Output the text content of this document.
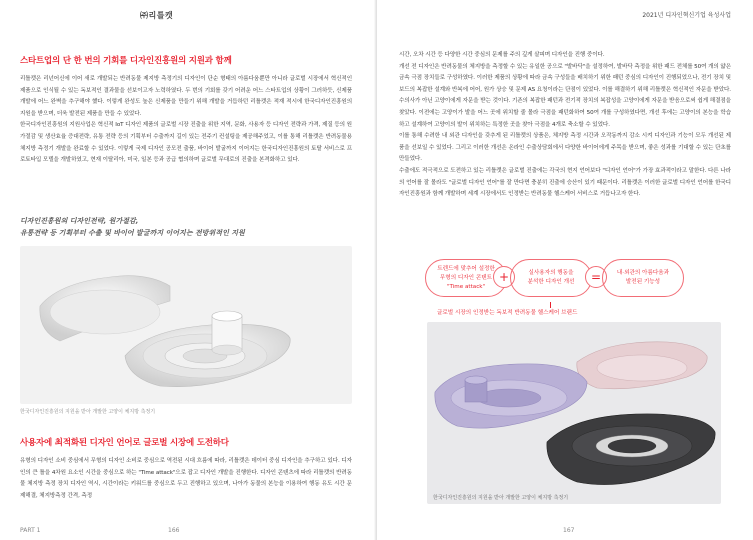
㈜리틀캣
스타트업의 단 한 번의 기회를 디자인진흥원의 지원과 함께

리틀캣은 리넌어신에 이어 새로 개발되는 반려동물 제지방 측정기의 디자인이 단순 형태의 아름다움뿐만 아니라 글로벌 시장에서 혁신적인 제품으로 인식될 수 있는 독보적인 결과물을 선보이고자 노력하였다. 두 번의 기회를 갖기 어려운 어느 스타트업의 상황이 그러하듯, 신제품 개발에 어느 완벽을 추구해야 했다. 이렇게 완성도 높은 신제품을 만들기 위해 개발을 거듭하던 리틀캣은 적재 적시에 한국디자인진흥원의 지원을 받으며, 더욱 발전된 제품을 만들 수 있었다.

한국디자인진흥원의 지원사업은 혁신적 IoT 디자인 제품의 글로벌 시장 진출을 위한 지역, 문화, 사용자 등 디자인 전략과 가격, 제질 등의 원가절감 및 생산효율 증대전략, 유통 전략 등의 기획부터 수출까지 길이 있는 전주기 컨설팅을 제공해주었고, 이를 통해 리틀캣은 반려동물용 체지방 측정기 개발을 완료할 수 있었다. 이렇게 국제 디자인 공모전 출품, 바이어 발굴까지 이어지는 한국디자인진흥원의 토탈 서비스로 프로토타입 모델을 개발하였고, 현재 이탈리아, 미국, 일본 등과 공급 협의하며 글로벌 무대로의 진출을 본격화하고 있다.

디자인진흥원의 디자인전략, 원가절감,
유통전략 등 기획부터 수출 및 바이어 발굴까지 이어지는 전방위적인 지원
한국디자인진흥원의 지원을 받아 개발한 고양이 체지방 측정기
사용자에 최적화된 디자인 언어로 글로벌 시장에 도전하다

유형의 디자인 소비 중심에서 무형의 디자인 소비로 중심으로 역전된 시대 흐름에 따라, 리틀캣은 데이터 중심 디자인을 추구하고 있다. 디자인의 큰 틀을 4차원 요소인 시간을 중심으로 하는 "Time attack"으로 잡고 디자인 개발을 진행한다. 디자인 콘텐츠에 따라 리틀캣의 반려동물 체지방 측정 장치 디자인 역시, 시간이라는 키워드를 중심으로 두고 진행하고 있으며, 나아가 동물의 본능을 이용하여 행동 유도 시간 문제해결, 체지방측정 간격, 측정

PART 1	166
2021년 디자인혁신기업 육성사업

시간, 오차 시간 등 다양한 시간 중심의 문제를 주의 깊게 살피며 디자인을 진행 중이다.

개선 전 디자인은 반려동물의 체지방을 측정할 수 있는 유일한 공으로 "발바닥"을 설정하여, 발바닥 측정을 위한 패드 전체를 50여 개의 얇은 금속 극점 장치들로 구성하였다. 이러한 제품의 상황에 따라 금속 구성들을 배치하기 위한 패턴 중심의 디자인이 진행되었으나, 전기 장치 및 보드의 복잡한 설계와 반복에 어어, 원가 상승 및 문제 AS 요청이라는 단점이 있었다. 이를 해결하기 위해 리틀캣은 혁신적인 자문을 받았다. 수의사가 아닌 고양이에게 자문을 받는 것이다. 기존의 복잡한 패턴과 전기적 장치의 복잡성을 고양이에게 자문을 받음으로써 쉽게 해결점을 찾았다. 이전에는 고양이가 발을 어느 곳에 위치할 줄 몰라 극점을 패턴화하여 50여 개를 구성하였다면, 개선 후에는 고양이의 본능을 학습하고 설계하여 고양이의 발이 위치하는 특정한 곳을 찾아 극점을 4개로 축소할 수 있었다.

이를 통해 수려한 내 외관 디자인을 갖추게 된 리틀캣의 상품은, 체지방 측정 시간과 오작동까지 감소 시켜 디자인과 기능이 모두 개선된 제품을 선보일 수 있었다. 그리고 이러한 개선은 온라인 수출상담회에서 다양한 바이어에게 주목을 받으며, 좋은 성과를 기대할 수 있는 단초를 만들었다.

수출에도 적극적으로 도전하고 있는 리틀캣은 글로벌 진출에는 각국의 현지 언어보다 "디자인 언어"가 가장 효과적이라고 말한다. 다른 나라의 언어를 잘 몰라도 "글로벌 디자인 언어"를 잘 만다면 충분히 진출에 승산이 있기 때문이다. 리틀캣은 이러한 글로벌 디자인 언어를 한국디자인진흥원과 함께 개발하며 세계 시장에서도 인정받는 반려동물 헬스케어 서비스로 거듭나고자 한다.

트렌드에 맞추어 설정한
무형의 디자인 콘텐트
"Time attack"
+	실사용자의 행동을
분석한 디자인 개선	=	내·외관의 아름다움과
발전된 기능성
글로벌 시장의 인정받는 독보적 반려동물 헬스케어 브랜드
한국디자인진흥원의 지원을 받아 개발한 고양이 체지방 측정기
167
